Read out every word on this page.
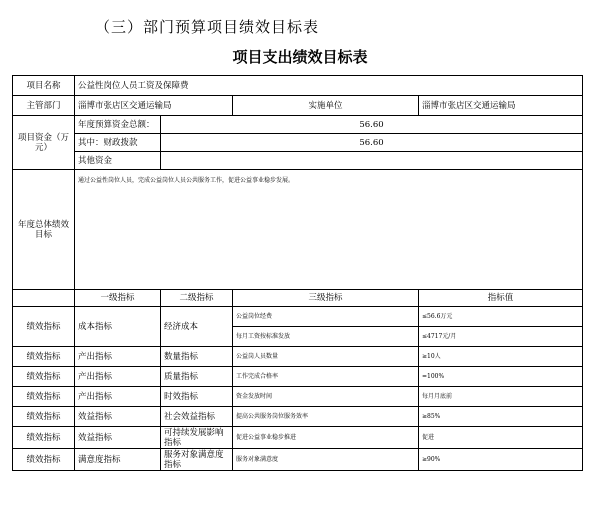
（三）部门预算项目绩效目标表
项目支出绩效目标表
项目名称	公益性岗位人员工资及保障费			
主管部门	淄博市张店区交通运输局		实施单位	淄博市张店区交通运输局
项目资金（万元）	年度预算资金总额：	56.60		
	其中：财政拨款	56.60		
	其他资金			
年度总体绩效目标	通过公益性岗位人员，完成公益岗位人员公共服务工作，促进公益事业稳步发展。			
	一级指标	二级指标	三级指标	指标值
绩效指标	成本指标	经济成本	公益岗位经费	≤56.6万元
			每月工资按标准发放	≤4717元/月
绩效指标	产出指标	数量指标	公益岗人员数量	≥10人
绩效指标	产出指标	质量指标	工作完成合格率	=100%
绩效指标	产出指标	时效指标	资金发放时间	每月月底前
绩效指标	效益指标	社会效益指标	提高公共服务岗位服务效率	≥85%
绩效指标	效益指标	可持续发展影响指标	促进公益事业稳步推进	促进
绩效指标	满意度指标	服务对象满意度指标	服务对象满意度	≥90%
